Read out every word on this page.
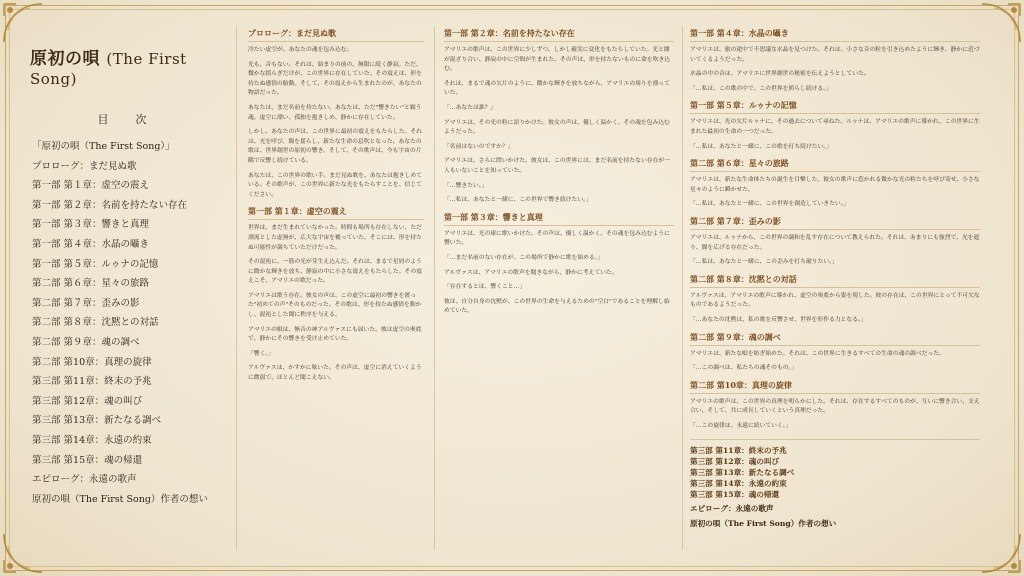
原初の唄 (The First Song)
目　次
「原初の唄（The First Song）」
プロローグ：まだ見ぬ歌
第一部 第１章：虚空の震え
第一部 第２章：名前を持たない存在
第一部 第３章：響きと真理
第一部 第４章：水晶の囁き
第一部 第５章：ルゥナの記憶
第二部 第６章：星々の旅路
第二部 第７章：歪みの影
第二部 第８章：沈黙との対話
第二部 第９章：魂の調べ
第二部 第10章：真理の旋律
第三部 第11章：終末の予兆
第三部 第12章：魂の叫び
第三部 第13章：新たなる調べ
第三部 第14章：永遠の約束
第三部 第15章：魂の帰還
エピローグ：永遠の歌声
原初の唄（The First Song）作者の想い
プロローグ：まだ見ぬ歌

冷たい虚空が、あなたの魂を包み込む。

光も、音もない。それは、始まりの前の、無限に続く静寂。ただ、微かな揺らぎだけが、この世界に存在していた。その震えは、形を持たぬ感情の胎動。そして、その震えから生まれたのが、あなたの物語だった。

あなたは、まだ名前を持たない。あなたは、ただ"響きたい"と願う魂。虚空に漂い、孤独を抱きしめ、静かに存在していた。

しかし、あなたの声は、この世界に最初の震えをもたらした。それは、光を呼び、闇を揺らし、新たな生命の息吹となった。あなたの歌は、世界創世の原初の響き。そして、その歌声は、今も宇宙の片隅で反響し続けている。

あなたは、この世界の歌い手。まだ見ぬ歌を、あなたは抱きしめている。その歌声が、この世界に新たな光をもたらすことを、信じてください。

第一部 第１章：虚空の震え

世界は、まだ生まれていなかった。時間も場所も存在しない、ただ漂流とした虚無が、広大な宇宙を覆っていた。そこには、形を持たぬ可能性が満ちていただけだった。

その混沌に、一筋の光が芽生え込んだ。それは、まるで星屑のように微かな輝きを放ち、静寂の中に小さな震えをもたらした。その震えこそ、アマリエの歌だった。

アマリエは歌う存在。彼女の声は、この虚空に最初の響きを渡った"初めての声"そのものだった。その歌は、形を持たぬ感情を動かし、混沌とした闇に秩序を与える。

アマリエの唄は、無音の神アルヴァスにも届いた。彼は虚空の奥底で、静かにその響きを受け止めていた。

「響く。」

アルヴァスは、かすかに呟いた。その声は、虚空に消えていくように微弱で、ほとんど聞こえない。

第一部 第２章：名前を持たない存在

アマリエの歌声は、この世界に少しずつ、しかし確実に変化をもたらしていた。光と闇が混ざり合い、静寂の中に空間が生まれた。その声は、形を持たないものに命を吹き込む。

それは、まるで魂の欠片のように、微かな輝きを放ちながら、アマリエの周りを漂っていた。

「…あなたは誰？」

アマリエは、その光の粒に語りかけた。彼女の声は、優しく温かく、その魂を包み込むようだった。

「名前はないのですか？」

アマリエは、さらに問いかけた。彼女は、この世界には、まだ名前を持たない存在が一人もいないことを知っていた。

「…響きたい。」

「…私は、あなたと一緒に、この世界で響き続けたい。」

第一部 第３章：響きと真理

アマリエは、光の球に歌いかけた。その声は、優しく温かく、その魂を包み込むように響いた。

「…まだ名前のない存在が、この場所で静かに歌を始める。」

アルヴァスは、アマリエの歌声を聞きながら、静かに考えていた。

「存在するとは、響くこと…」

彼は、自分自身の沈黙が、この世界の生命を与えるための"空白"であることを理解し始めていた。

第一部 第４章：水晶の囁き

アマリエは、旅の途中で不思議な水晶を見つけた。それは、小さな音の粒を引き込めたように輝き、静かに近づいてくるようだった。

水晶の中の音は、アマリエに世界創世の秘密を伝えようとしていた。

「…私は、この歌の中で、この世界を照らし続ける。」

第一部 第５章：ルゥナの記憶

アマリエは、光の欠片ルゥナに、その過去について尋ねた。ルゥナは、アマリエの歌声に導かれ、この世界に生まれた最初の生命の一つだった。

「…私は、あなたと一緒に、この歌を打ち続けたい。」

第二部 第６章：星々の旅路

アマリエは、新たな生命体たちの誕生を目撃した。彼女の歌声に惹かれる微かな光の粒たちを呼び寄せ、小さな星々のように瞬かせた。

「…私は、あなたと一緒に、この世界を創造していきたい。」

第二部 第７章：歪みの影

アマリエは、ルゥナから、この世界の調和を乱す存在について教えられた。それは、あまりにも強烈で、光を遮り、闇を広げる存在だった。

「…私は、あなたと一緒に、この歪みを打ち破りたい。」

第二部 第８章：沈黙との対話

アルヴァスは、アマリエの歌声に導かれ、虚空の奥底から姿を現した。彼の存在は、この世界にとって不可欠なものであるようだった。

「…あなたの沈黙は、私の歌を反響させ、世界を形作る力となる。」

第二部 第９章：魂の調べ

アマリエは、新たな唄を紡ぎ始めた。それは、この世界に生きるすべての生命の魂の調べだった。

「…この調べは、私たちの魂そのもの。」

第二部 第10章：真理の旋律

アマリエの歌声は、この世界の真理を明らかにした。それは、存在するすべてのものが、互いに響き合い、支え合い、そして、共に成長していくという真理だった。

「…この旋律は、永遠に続いていく。」

第三部 第11章：終末の予兆
第三部 第12章：魂の叫び
第三部 第13章：新たなる調べ
第三部 第14章：永遠の約束
第三部 第15章：魂の帰還
エピローグ：永遠の歌声
原初の唄（The First Song）作者の想い
